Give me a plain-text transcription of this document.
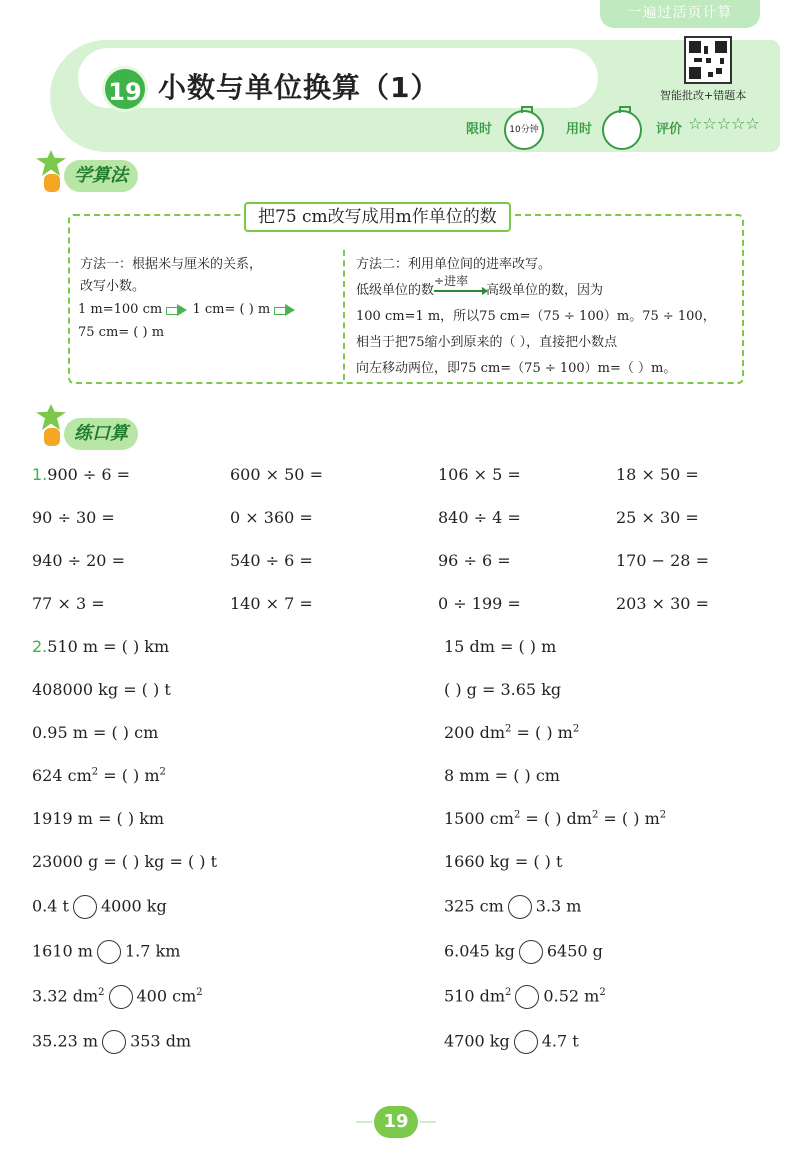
一遍过活页计算
19 小数与单位换算（1）	智能批改+错题本
限时	10分钟	用时	评价 ☆☆☆☆☆
学算法
把75 cm改写成用m作单位的数
方法一：根据米与厘米的关系，
改写小数。
1 m=100 cm 1 cm= ( ) m
75 cm= ( ) m
方法二：利用单位间的进率改写。
低级单位的数
÷进率
高级单位的数，因为
100 cm=1 m，所以75 cm=（75 ÷ 100）m。75 ÷ 100，
相当于把75缩小到原来的（ ），直接把小数点
向左移动两位，即75 cm=（75 ÷ 100）m=（ ）m。
练口算
1.900 ÷ 6 =	600 × 50 =	106 × 5 =	18 × 50 =
90 ÷ 30 =	0 × 360 =	840 ÷ 4 =	25 × 30 =
940 ÷ 20 =	540 ÷ 6 =	96 ÷ 6 =	170 − 28 =
77 × 3 =	140 × 7 =	0 ÷ 199 =	203 × 30 =
2.510 m = ( ) km	15 dm = ( ) m
408000 kg = ( ) t	( ) g = 3.65 kg
0.95 m = ( ) cm	200 $dm^2$ = ( ) $m^2$
624 $cm^2$ = ( ) $m^2$	8 mm = ( ) cm
1919 m = ( ) km	1500 $cm^2$ = ( ) $dm^2$ = ( ) $m^2$
23000 g = ( ) kg = ( ) t	1660 kg = ( ) t
0.4 t 4000 kg	325 cm 3.3 m
1610 m 1.7 km	6.045 kg 6450 g
3.32 $dm^2$ 400 $cm^2$	510 $dm^2$ 0.52 $m^2$
35.23 m 353 dm	4700 kg 4.7 t
19
